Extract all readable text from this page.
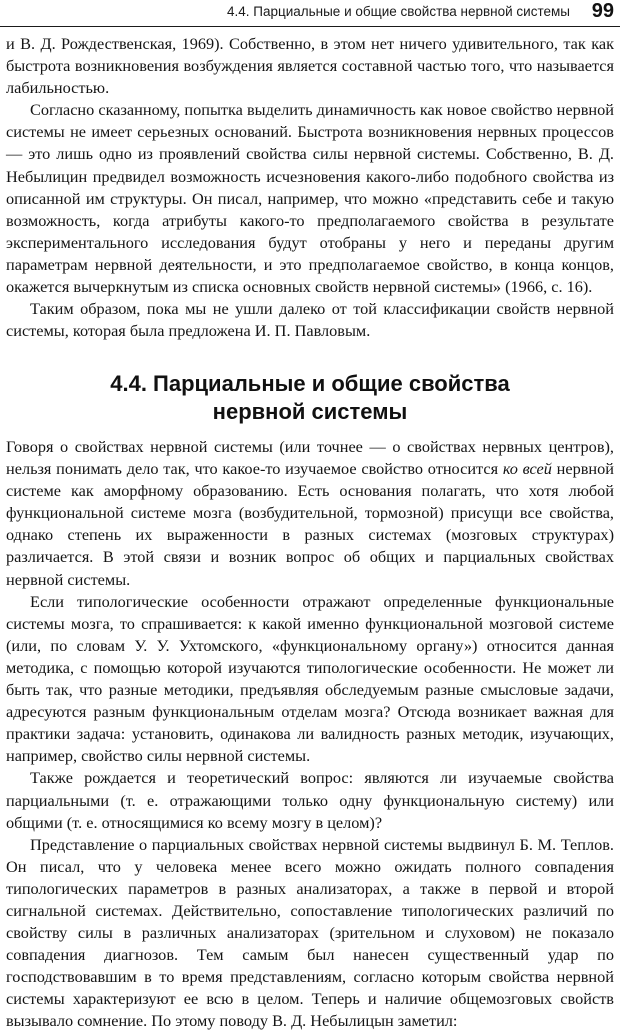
4.4. Парциальные и общие свойства нервной системы 99

и В. Д. Рождественская, 1969). Собственно, в этом нет ничего удивительного, так как быстрота возникновения возбуждения является составной частью того, что называется лабильностью.

Согласно сказанному, попытка выделить динамичность как новое свойство нервной системы не имеет серьезных оснований. Быстрота возникновения нервных процессов — это лишь одно из проявлений свойства силы нервной системы. Собственно, В. Д. Небылицин предвидел возможность исчезновения какого-либо подобного свойства из описанной им структуры. Он писал, например, что можно «представить себе и такую возможность, когда атрибуты какого-то предполагаемого свойства в результате экспериментального исследования будут отобраны у него и переданы другим параметрам нервной деятельности, и это предполагаемое свойство, в конца концов, окажется вычеркнутым из списка основных свойств нервной системы» (1966, с. 16).

Таким образом, пока мы не ушли далеко от той классификации свойств нервной системы, которая была предложена И. П. Павловым.

4.4. Парциальные и общие свойства
нервной системы

Говоря о свойствах нервной системы (или точнее — о свойствах нервных центров), нельзя понимать дело так, что какое-то изучаемое свойство относится ко всей нервной системе как аморфному образованию. Есть основания полагать, что хотя любой функциональной системе мозга (возбудительной, тормозной) присущи все свойства, однако степень их выраженности в разных системах (мозговых структурах) различается. В этой связи и возник вопрос об общих и парциальных свойствах нервной системы.

Если типологические особенности отражают определенные функциональные системы мозга, то спрашивается: к какой именно функциональной мозговой системе (или, по словам У. У. Ухтомского, «функциональному органу») относится данная методика, с помощью которой изучаются типологические особенности. Не может ли быть так, что разные методики, предъявляя обследуемым разные смысловые задачи, адресуются разным функциональным отделам мозга? Отсюда возникает важная для практики задача: установить, одинакова ли валидность разных методик, изучающих, например, свойство силы нервной системы.

Также рождается и теоретический вопрос: являются ли изучаемые свойства парциальными (т. е. отражающими только одну функциональную систему) или общими (т. е. относящимися ко всему мозгу в целом)?

Представление о парциальных свойствах нервной системы выдвинул Б. М. Теплов. Он писал, что у человека менее всего можно ожидать полного совпадения типологических параметров в разных анализаторах, а также в первой и второй сигнальной системах. Действительно, сопоставление типологических различий по свойству силы в различных анализаторах (зрительном и слуховом) не показало совпадения диагнозов. Тем самым был нанесен существенный удар по господствовавшим в то время представлениям, согласно которым свойства нервной системы характеризуют ее всю в целом. Теперь и наличие общемозговых свойств вызывало сомнение. По этому поводу В. Д. Небылицын заметил:
